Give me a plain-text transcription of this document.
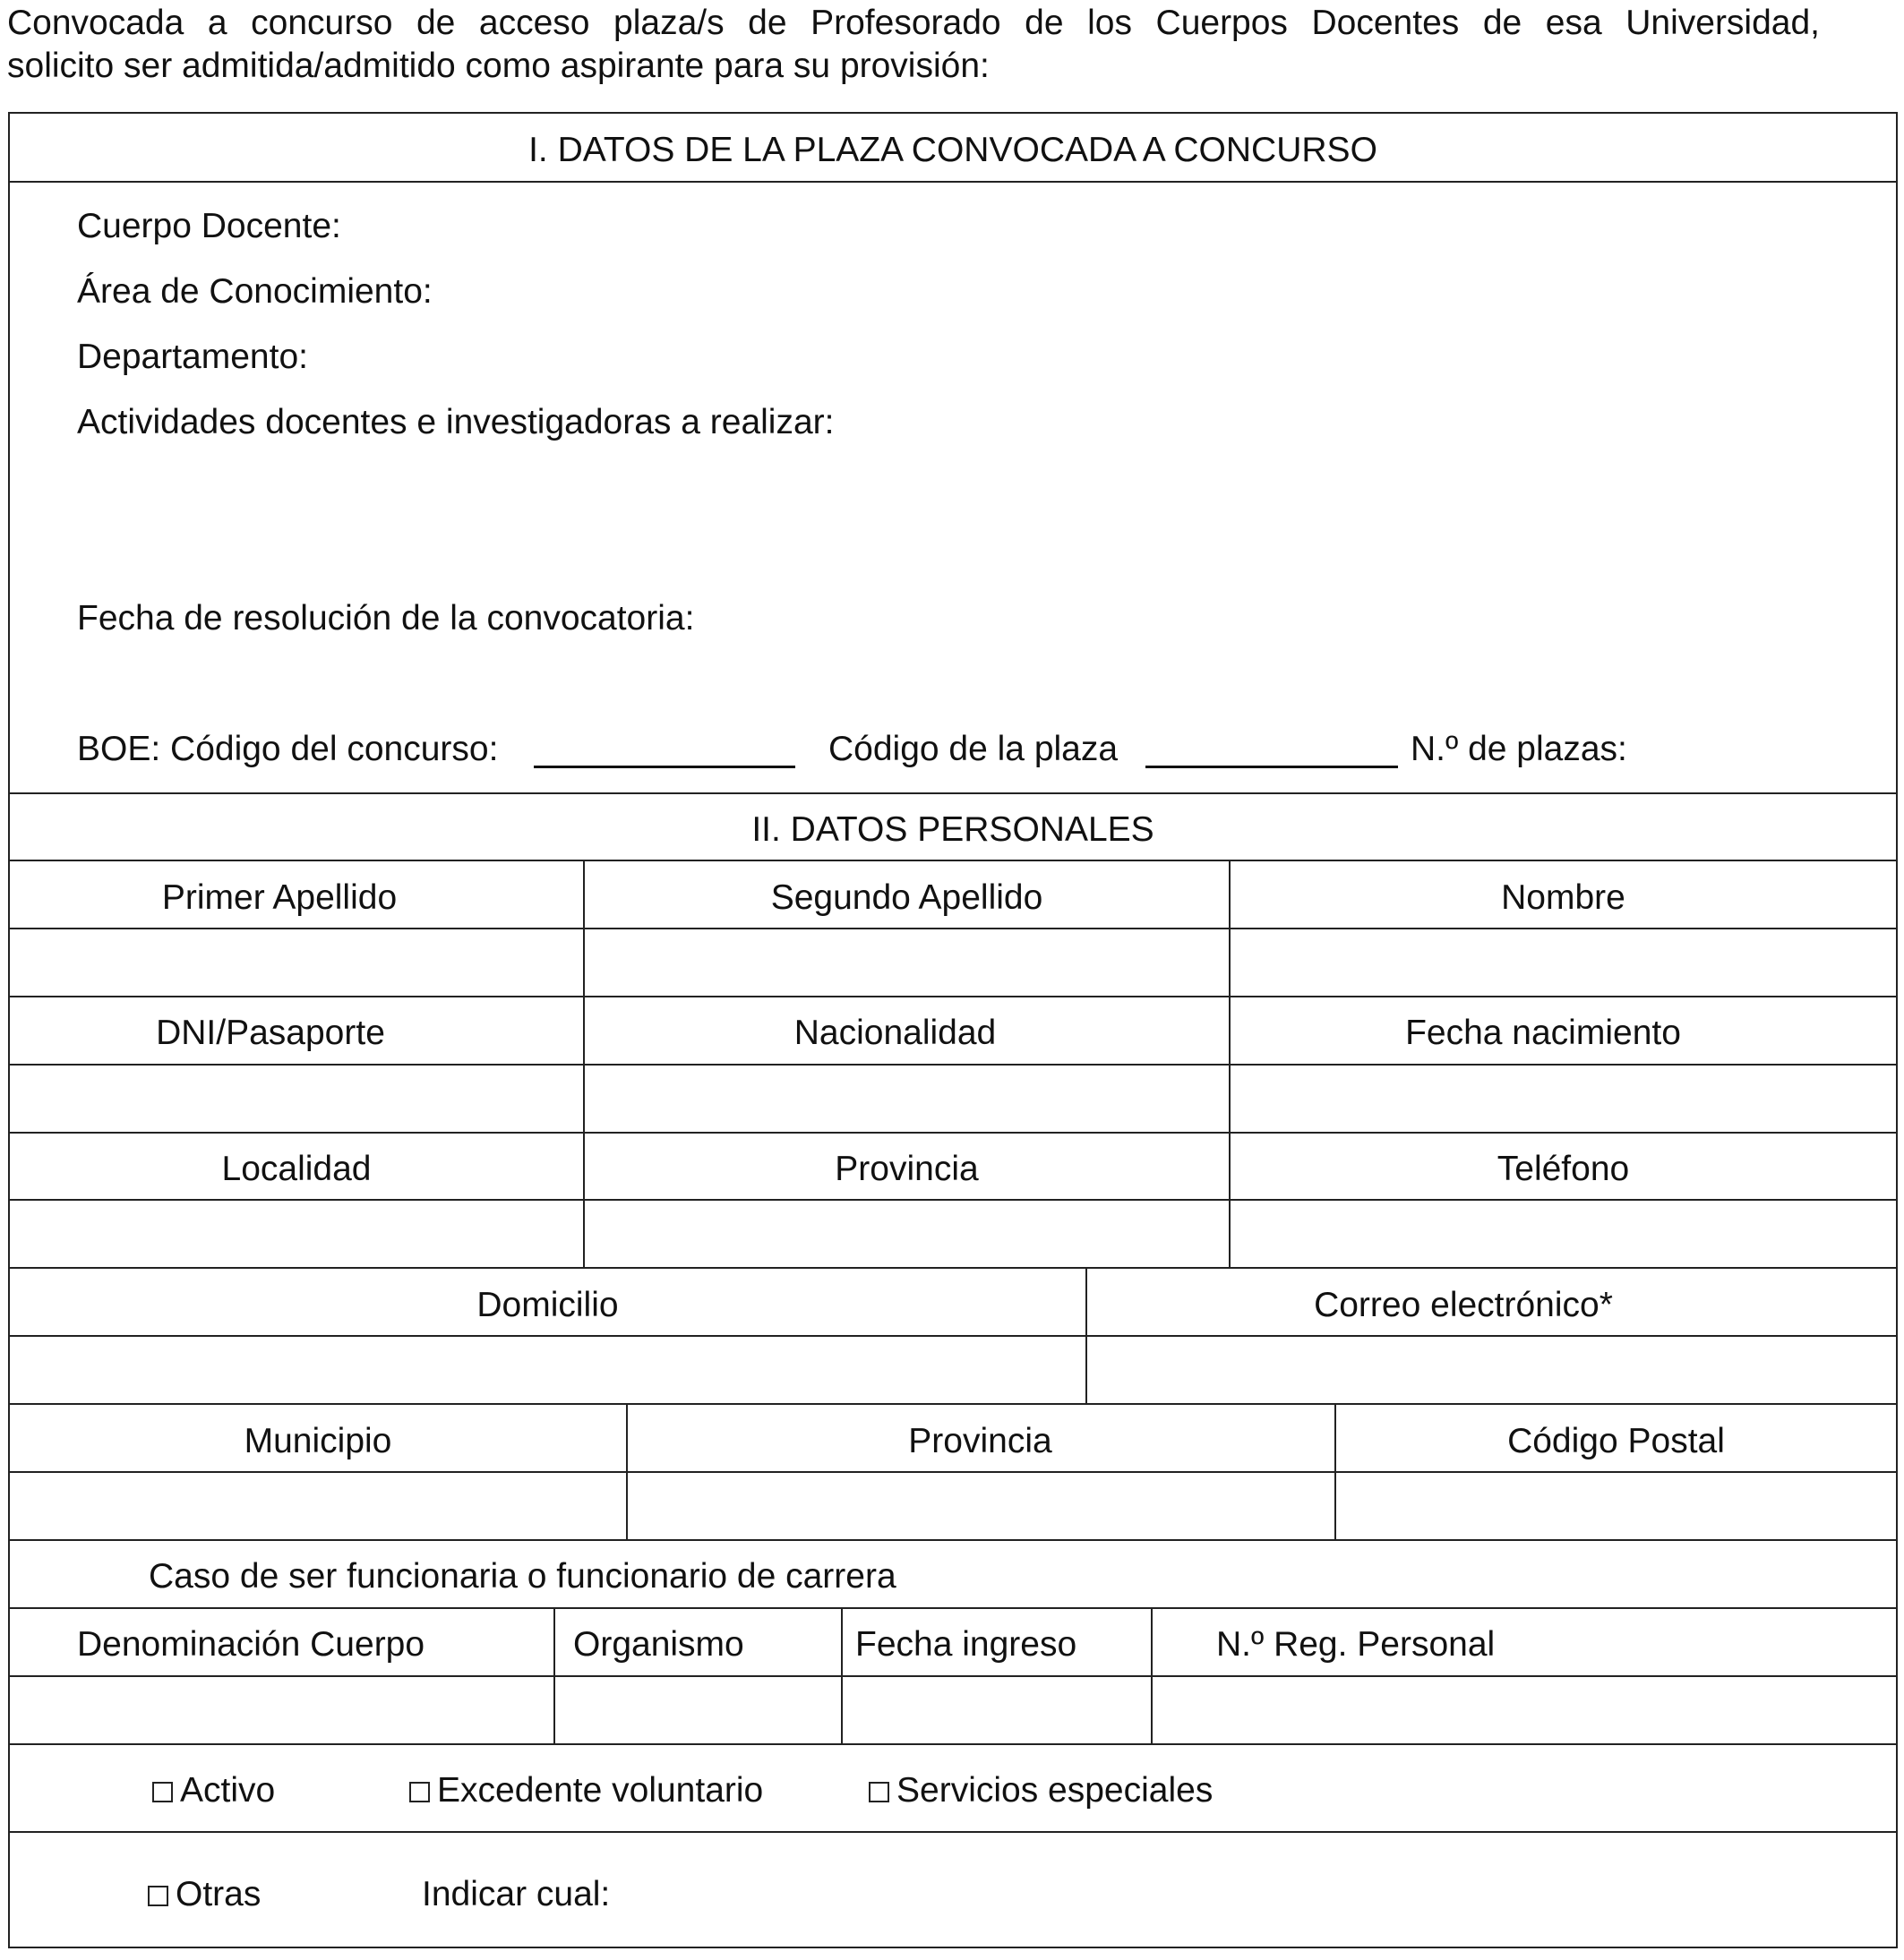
Convocada a concurso de acceso plaza/s de Profesorado de los Cuerpos Docentes de esa Universidad,
solicito ser admitida/admitido como aspirante para su provisión:
I. DATOS DE LA PLAZA CONVOCADA A CONCURSO
Cuerpo Docente:
Área de Conocimiento:
Departamento:
Actividades docentes e investigadoras a realizar:
Fecha de resolución de la convocatoria:
BOE: Código del concurso:	Código de la plaza	N.º de plazas:
II. DATOS PERSONALES
Primer Apellido	Segundo Apellido	Nombre
DNI/Pasaporte	Nacionalidad	Fecha nacimiento
Localidad	Provincia	Teléfono
Domicilio	Correo electrónico*
Municipio	Provincia	Código Postal
Caso de ser funcionaria o funcionario de carrera
Denominación Cuerpo	Organismo	Fecha ingreso	N.º Reg. Personal
Activo	Excedente voluntario	Servicios especiales
Otras	Indicar cual:
